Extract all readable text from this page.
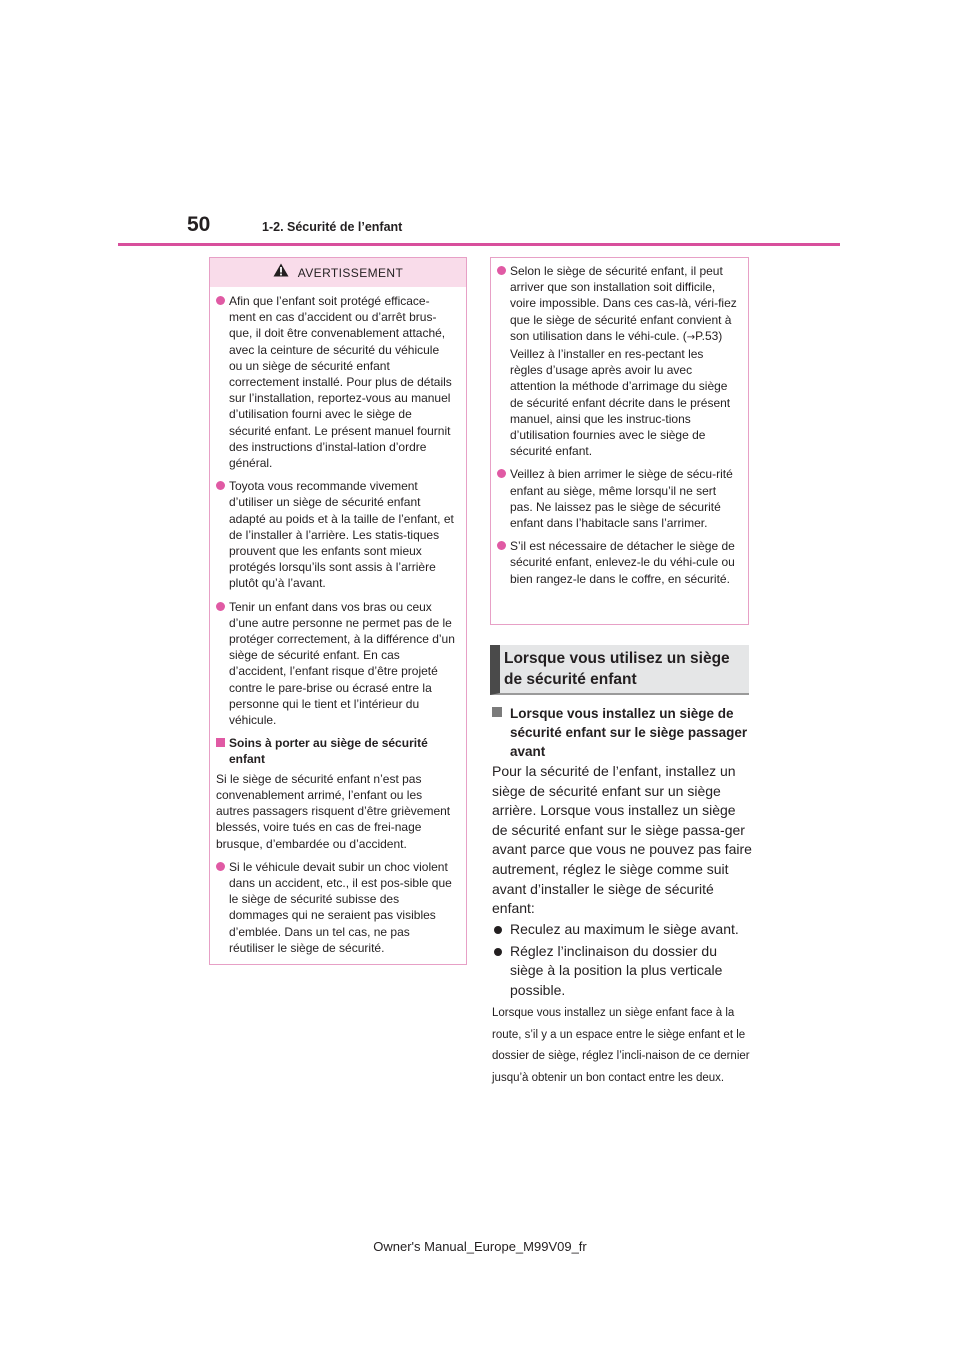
50	1-2. Sécurité de l’enfant
AVERTISSEMENT
Afin que l’enfant soit protégé efficace-ment en cas d’accident ou d’arrêt brus-que, il doit être convenablement attaché, avec la ceinture de sécurité du véhicule ou un siège de sécurité enfant correctement installé. Pour plus de détails sur l’installation, reportez-vous au manuel d’utilisation fourni avec le siège de sécurité enfant. Le présent manuel fournit des instructions d’instal-lation d’ordre général.
Toyota vous recommande vivement d’utiliser un siège de sécurité enfant adapté au poids et à la taille de l’enfant, et de l’installer à l’arrière. Les statis-tiques prouvent que les enfants sont mieux protégés lorsqu’ils sont assis à l’arrière plutôt qu’à l’avant.
Tenir un enfant dans vos bras ou ceux d’une autre personne ne permet pas de le protéger correctement, à la différence d’un siège de sécurité enfant. En cas d’accident, l’enfant risque d’être projeté contre le pare-brise ou écrasé entre la personne qui le tient et l’intérieur du véhicule.
Soins à porter au siège de sécurité enfant
Si le siège de sécurité enfant n’est pas convenablement arrimé, l’enfant ou les autres passagers risquent d’être grièvement blessés, voire tués en cas de frei-nage brusque, d’embardée ou d’accident.
Si le véhicule devait subir un choc violent dans un accident, etc., il est pos-sible que le siège de sécurité subisse des dommages qui ne seraient pas visibles d’emblée. Dans un tel cas, ne pas réutiliser le siège de sécurité.
Selon le siège de sécurité enfant, il peut arriver que son installation soit difficile, voire impossible. Dans ces cas-là, véri-fiez que le siège de sécurité enfant convient à son utilisation dans le véhi-cule. (→P.53) Veillez à l’installer en res-pectant les règles d’usage après avoir lu avec attention la méthode d’arrimage du siège de sécurité enfant décrite dans le présent manuel, ainsi que les instruc-tions d’utilisation fournies avec le siège de sécurité enfant.
Veillez à bien arrimer le siège de sécu-rité enfant au siège, même lorsqu’il ne sert pas. Ne laissez pas le siège de sécurité enfant dans l’habitacle sans l’arrimer.
S’il est nécessaire de détacher le siège de sécurité enfant, enlevez-le du véhi-cule ou bien rangez-le dans le coffre, en sécurité.
Lorsque vous utilisez un siège de sécurité enfant
Lorsque vous installez un siège de sécurité enfant sur le siège passager avant
Pour la sécurité de l’enfant, installez un siège de sécurité enfant sur un siège arrière. Lorsque vous installez un siège de sécurité enfant sur le siège passa-ger avant parce que vous ne pouvez pas faire autrement, réglez le siège comme suit avant d’installer le siège de sécurité enfant:
Reculez au maximum le siège avant.
Réglez l’inclinaison du dossier du siège à la position la plus verticale possible.
Lorsque vous installez un siège enfant face à la route, s’il y a un espace entre le siège enfant et le dossier de siège, réglez l’incli-naison de ce dernier jusqu’à obtenir un bon contact entre les deux.
Owner's Manual_Europe_M99V09_fr
